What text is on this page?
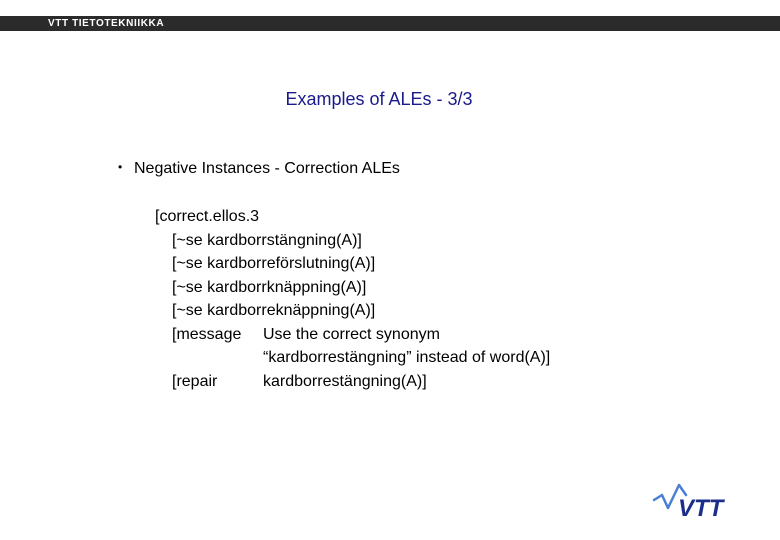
VTT TIETOTEKNIIKKA
Examples of ALEs - 3/3
• Negative Instances - Correction ALEs
[correct.ellos.3
[~se kardborrstängning(A)]
[~se kardborreförslutning(A)]
[~se kardborrknäppning(A)]
[~se kardborreknäppning(A)]
[message Use the correct synonym
“kardborrestängning” instead of word(A)]
[repair	kardborrestängning(A)]
VTT
